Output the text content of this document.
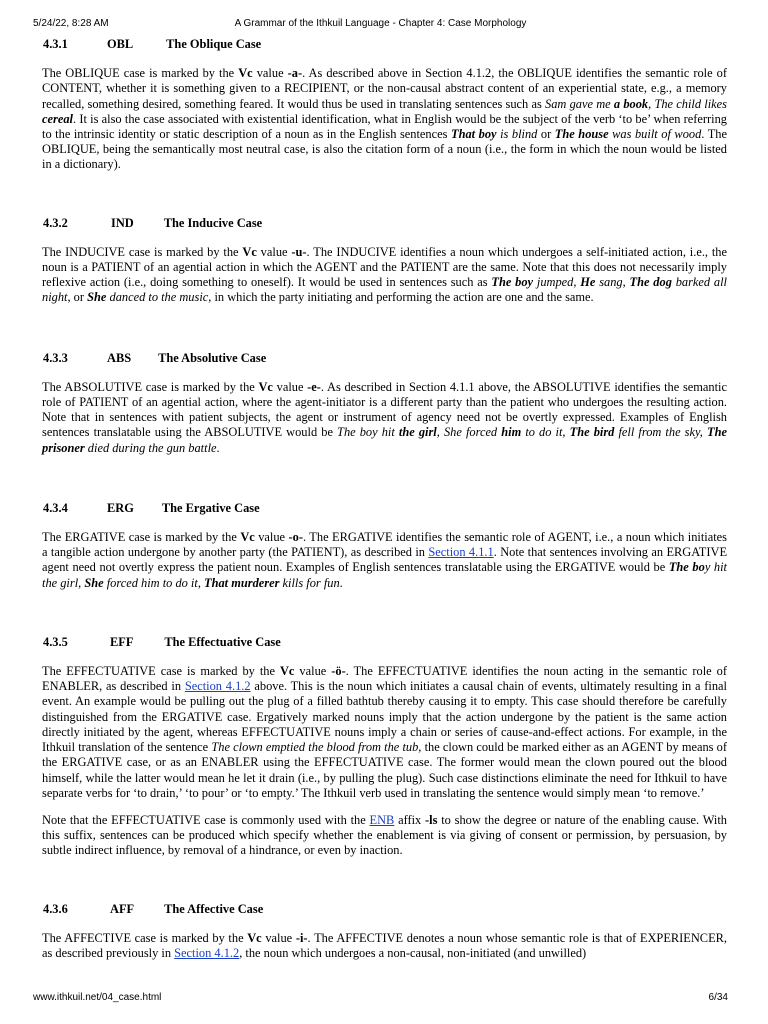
5/24/22, 8:28 AM	A Grammar of the Ithkuil Language - Chapter 4: Case Morphology
4.3.1	OBL	The Oblique Case

The OBLIQUE case is marked by the Vc value -a-. As described above in Section 4.1.2, the OBLIQUE identifies the semantic role of CONTENT, whether it is something given to a RECIPIENT, or the non-causal abstract content of an experiential state, e.g., a memory recalled, something desired, something feared. It would thus be used in translating sentences such as Sam gave me a book, The child likes cereal. It is also the case associated with existential identification, what in English would be the subject of the verb ‘to be’ when referring to the intrinsic identity or static description of a noun as in the English sentences That boy is blind or The house was built of wood. The OBLIQUE, being the semantically most neutral case, is also the citation form of a noun (i.e., the form in which the noun would be listed in a dictionary).

4.3.2	IND The Inducive Case

The INDUCIVE case is marked by the Vc value -u-. The INDUCIVE identifies a noun which undergoes a self-initiated action, i.e., the noun is a PATIENT of an agential action in which the AGENT and the PATIENT are the same. Note that this does not necessarily imply reflexive action (i.e., doing something to oneself). It would be used in sentences such as The boy jumped, He sang, The dog barked all night, or She danced to the music, in which the party initiating and performing the action are one and the same.

4.3.3	ABS The Absolutive Case

The ABSOLUTIVE case is marked by the Vc value -e-. As described in Section 4.1.1 above, the ABSOLUTIVE identifies the semantic role of PATIENT of an agential action, where the agent-initiator is a different party than the patient who undergoes the resulting action. Note that in sentences with patient subjects, the agent or instrument of agency need not be overtly expressed. Examples of English sentences translatable using the ABSOLUTIVE would be The boy hit the girl, She forced him to do it, The bird fell from the sky, The prisoner died during the gun battle.

4.3.4	ERG The Ergative Case

The ERGATIVE case is marked by the Vc value -o-. The ERGATIVE identifies the semantic role of AGENT, i.e., a noun which initiates a tangible action undergone by another party (the PATIENT), as described in Section 4.1.1. Note that sentences involving an ERGATIVE agent need not overtly express the patient noun. Examples of English sentences translatable using the ERGATIVE would be The boy hit the girl, She forced him to do it, That murderer kills for fun.

4.3.5	EFF	The Effectuative Case

The EFFECTUATIVE case is marked by the Vc value -ö-. The EFFECTUATIVE identifies the noun acting in the semantic role of ENABLER, as described in Section 4.1.2 above. This is the noun which initiates a causal chain of events, ultimately resulting in a final event. An example would be pulling out the plug of a filled bathtub thereby causing it to empty. This case should therefore be carefully distinguished from the ERGATIVE case. Ergatively marked nouns imply that the action undergone by the patient is the same action directly initiated by the agent, whereas EFFECTUATIVE nouns imply a chain or series of cause-and-effect actions. For example, in the Ithkuil translation of the sentence The clown emptied the blood from the tub, the clown could be marked either as an AGENT by means of the ERGATIVE case, or as an ENABLER using the EFFECTUATIVE case. The former would mean the clown poured out the blood himself, while the latter would mean he let it drain (i.e., by pulling the plug). Such case distinctions eliminate the need for Ithkuil to have separate verbs for ‘to drain,’ ‘to pour’ or ‘to empty.’ The Ithkuil verb used in translating the sentence would simply mean ‘to remove.’

Note that the EFFECTUATIVE case is commonly used with the ENB affix -ls to show the degree or nature of the enabling cause. With this suffix, sentences can be produced which specify whether the enablement is via giving of consent or permission, by persuasion, by subtle indirect influence, by removal of a hindrance, or even by inaction.

4.3.6	AFF The Affective Case

The AFFECTIVE case is marked by the Vc value -i-. The AFFECTIVE denotes a noun whose semantic role is that of EXPERIENCER, as described previously in Section 4.1.2, the noun which undergoes a non-causal, non-initiated (and unwilled)

www.ithkuil.net/04_case.html	6/34
